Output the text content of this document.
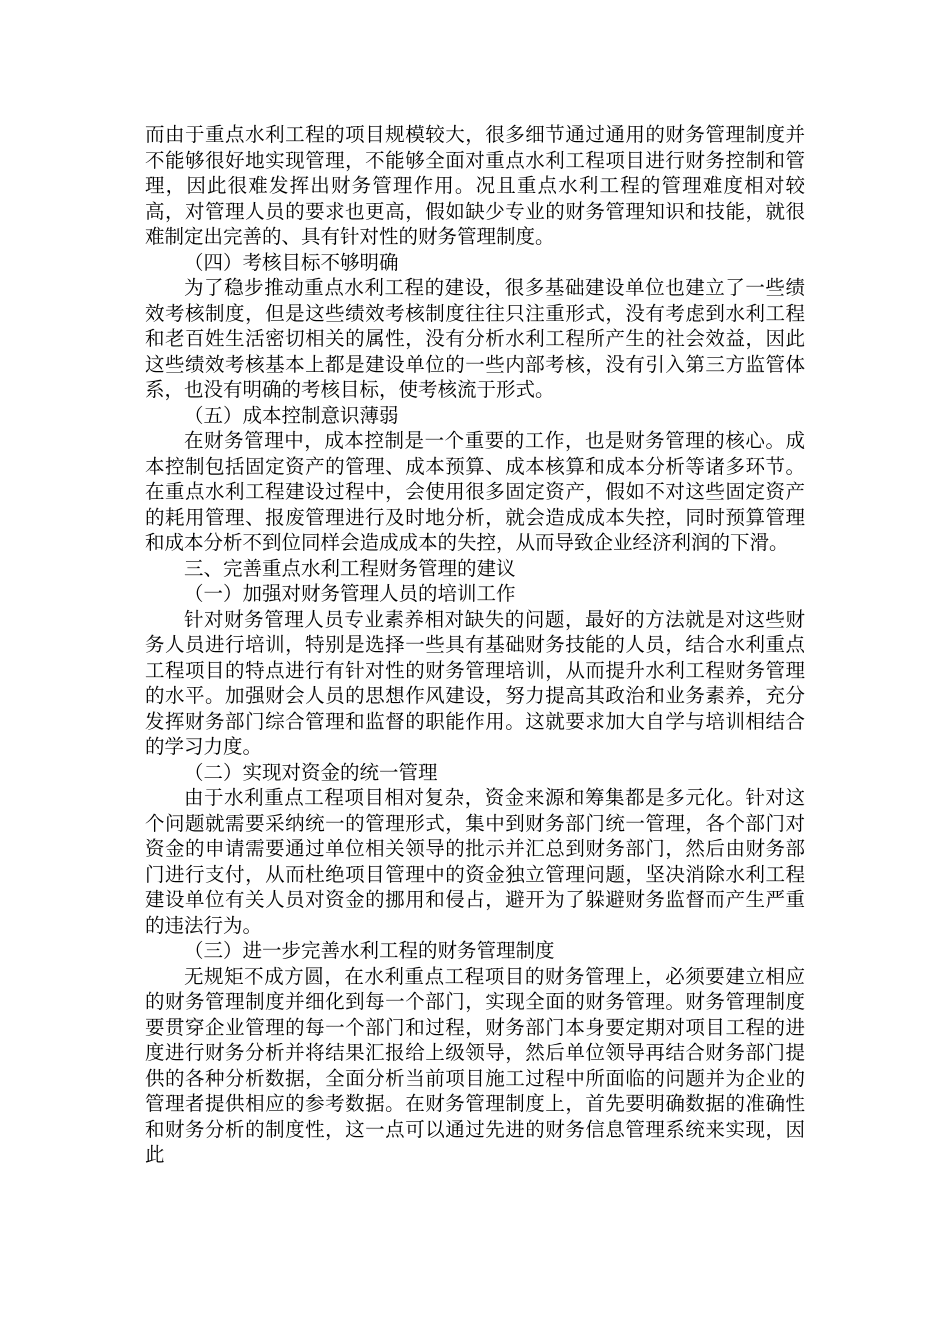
而由于重点水利工程的项目规模较大，很多细节通过通用的财务管理制度并不能够很好地实现管理，不能够全面对重点水利工程项目进行财务控制和管理，因此很难发挥出财务管理作用。况且重点水利工程的管理难度相对较高，对管理人员的要求也更高，假如缺少专业的财务管理知识和技能，就很难制定出完善的、具有针对性的财务管理制度。

（四）考核目标不够明确

为了稳步推动重点水利工程的建设，很多基础建设单位也建立了一些绩效考核制度，但是这些绩效考核制度往往只注重形式，没有考虑到水利工程和老百姓生活密切相关的属性，没有分析水利工程所产生的社会效益，因此这些绩效考核基本上都是建设单位的一些内部考核，没有引入第三方监管体系，也没有明确的考核目标，使考核流于形式。

（五）成本控制意识薄弱

在财务管理中，成本控制是一个重要的工作，也是财务管理的核心。成本控制包括固定资产的管理、成本预算、成本核算和成本分析等诸多环节。在重点水利工程建设过程中，会使用很多固定资产，假如不对这些固定资产的耗用管理、报废管理进行及时地分析，就会造成成本失控，同时预算管理和成本分析不到位同样会造成成本的失控，从而导致企业经济利润的下滑。

三、完善重点水利工程财务管理的建议

（一）加强对财务管理人员的培训工作

针对财务管理人员专业素养相对缺失的问题，最好的方法就是对这些财务人员进行培训，特别是选择一些具有基础财务技能的人员，结合水利重点工程项目的特点进行有针对性的财务管理培训，从而提升水利工程财务管理的水平。加强财会人员的思想作风建设，努力提高其政治和业务素养，充分发挥财务部门综合管理和监督的职能作用。这就要求加大自学与培训相结合的学习力度。

（二）实现对资金的统一管理

由于水利重点工程项目相对复杂，资金来源和筹集都是多元化。针对这个问题就需要采纳统一的管理形式，集中到财务部门统一管理，各个部门对资金的申请需要通过单位相关领导的批示并汇总到财务部门，然后由财务部门进行支付，从而杜绝项目管理中的资金独立管理问题，坚决消除水利工程建设单位有关人员对资金的挪用和侵占，避开为了躲避财务监督而产生严重的违法行为。

（三）进一步完善水利工程的财务管理制度

无规矩不成方圆，在水利重点工程项目的财务管理上，必须要建立相应的财务管理制度并细化到每一个部门，实现全面的财务管理。财务管理制度要贯穿企业管理的每一个部门和过程，财务部门本身要定期对项目工程的进度进行财务分析并将结果汇报给上级领导，然后单位领导再结合财务部门提供的各种分析数据，全面分析当前项目施工过程中所面临的问题并为企业的管理者提供相应的参考数据。在财务管理制度上，首先要明确数据的准确性和财务分析的制度性，这一点可以通过先进的财务信息管理系统来实现，因此
